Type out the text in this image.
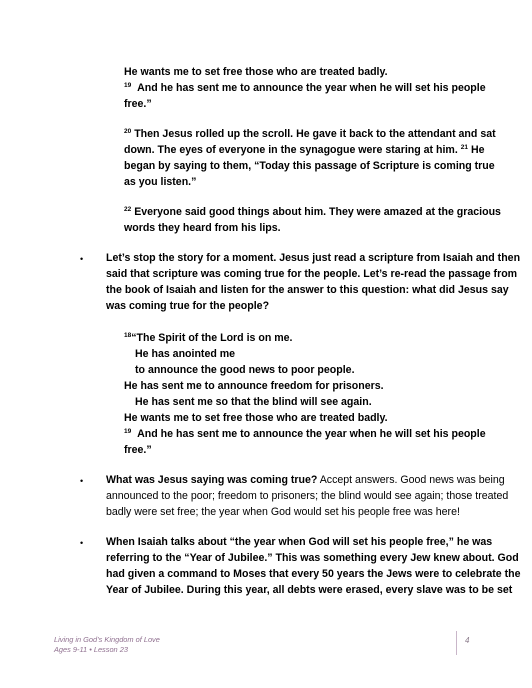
He wants me to set free those who are treated badly.
$^{19}$ And he has sent me to announce the year when he will set his people
free.”
$^{20}$ Then Jesus rolled up the scroll. He gave it back to the attendant and sat
down. The eyes of everyone in the synagogue were staring at him. $^{21}$ He
began by saying to them, “Today this passage of Scripture is coming true
as you listen.”
$^{22}$ Everyone said good things about him. They were amazed at the gracious
words they heard from his lips.
• Let’s stop the story for a moment. Jesus just read a scripture from Isaiah and then
said that scripture was coming true for the people. Let’s re-read the passage from
the book of Isaiah and listen for the answer to this question: what did Jesus say
was coming true for the people?
$^{18}$“The Spirit of the Lord is on me.
He has anointed me
to announce the good news to poor people.
He has sent me to announce freedom for prisoners.
He has sent me so that the blind will see again.
He wants me to set free those who are treated badly.
$^{19}$ And he has sent me to announce the year when he will set his people
free.”
• What was Jesus saying was coming true? Accept answers. Good news was being
announced to the poor; freedom to prisoners; the blind would see again; those treated
badly were set free; the year when God would set his people free was here!
• When Isaiah talks about “the year when God will set his people free,” he was
referring to the “Year of Jubilee.” This was something every Jew knew about. God
had given a command to Moses that every 50 years the Jews were to celebrate the
Year of Jubilee. During this year, all debts were erased, every slave was to be set
Living in God’s Kingdom of Love
Ages 9-11 • Lesson 23
4
